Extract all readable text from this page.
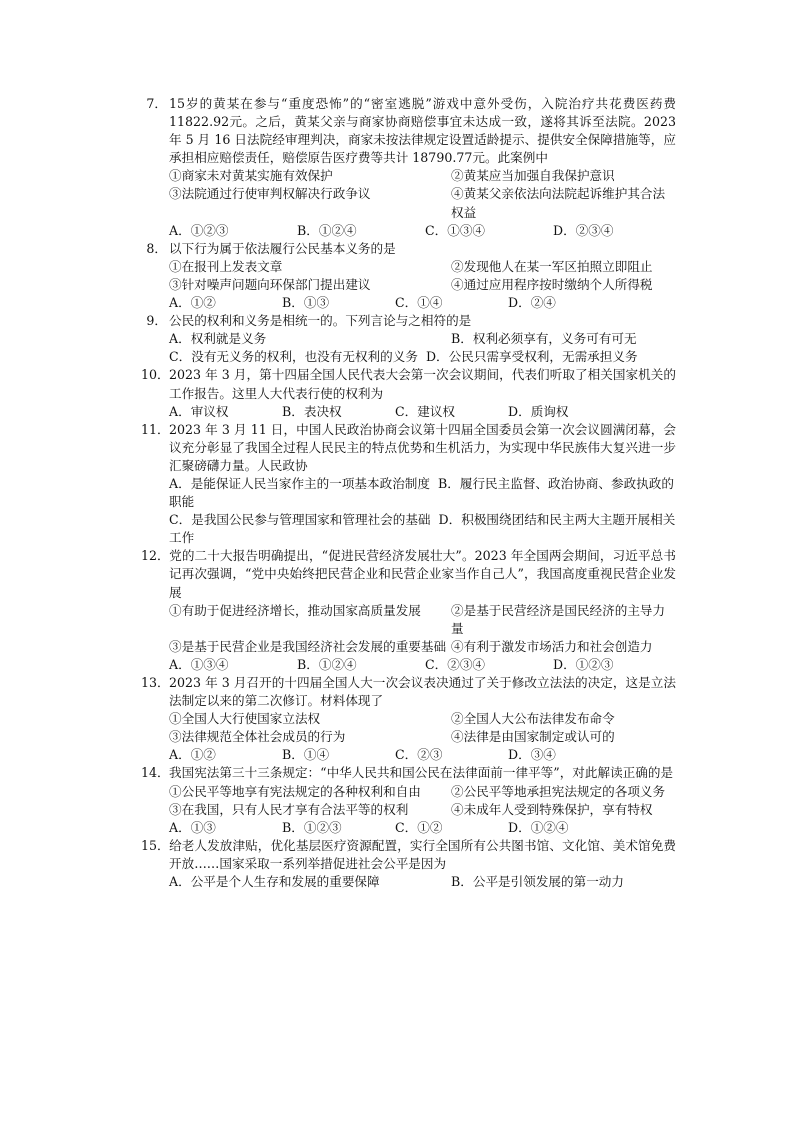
7． 15岁的黄某在参与“重度恐怖”的“密室逃脱”游戏中意外受伤，入院治疗共花费医药费 11822.92元。之后，黄某父亲与商家协商赔偿事宜未达成一致，遂将其诉至法院。2023 年 5 月 16 日法院经审理判决，商家未按法律规定设置适龄提示、提供安全保障措施等，应承担相应赔偿责任，赔偿原告医疗费等共计 18790.77元。此案例中
①商家未对黄某实施有效保护	②黄某应当加强自我保护意识
③法院通过行使审判权解决行政争议	④黄某父亲依法向法院起诉维护其合法权益
A．①②③	B．①②④	C．①③④	D．②③④
8． 以下行为属于依法履行公民基本义务的是
①在报刊上发表文章	②发现他人在某一军区拍照立即阻止
③针对噪声问题向环保部门提出建议	④通过应用程序按时缴纳个人所得税
A．①②	B．①③	C．①④	D．②④
9． 公民的权利和义务是相统一的。下列言论与之相符的是
A．权利就是义务	B．权利必须享有，义务可有可无
C．没有无义务的权利，也没有无权利的义务 D．公民只需享受权利，无需承担义务
10．2023 年 3 月，第十四届全国人民代表大会第一次会议期间，代表们听取了相关国家机关的工作报告。这里人大代表行使的权利为
A．审议权	B．表决权	C．建议权	D．质询权
11．2023 年 3 月 11 日，中国人民政治协商会议第十四届全国委员会第一次会议圆满闭幕，会议充分彰显了我国全过程人民民主的特点优势和生机活力，为实现中华民族伟大复兴进一步汇聚磅礴力量。人民政协
A．是能保证人民当家作主的一项基本政治制度 B．履行民主监督、政治协商、参政执政的职能
C．是我国公民参与管理国家和管理社会的基础 D．积极围绕团结和民主两大主题开展相关工作
12．党的二十大报告明确提出，“促进民营经济发展壮大”。2023 年全国两会期间，习近平总书记再次强调，“党中央始终把民营企业和民营企业家当作自己人”，我国高度重视民营企业发展
①有助于促进经济增长，推动国家高质量发展	②是基于民营经济是国民经济的主导力量
③是基于民营企业是我国经济社会发展的重要基础 ④有利于激发市场活力和社会创造力
A．①③④	B．①②④	C．②③④	D．①②③
13．2023 年 3 月召开的十四届全国人大一次会议表决通过了关于修改立法法的决定，这是立法法制定以来的第二次修订。材料体现了
①全国人大行使国家立法权	②全国人大公布法律发布命令
③法律规范全体社会成员的行为	④法律是由国家制定或认可的
A．①②	B．①④	C．②③	D．③④
14．我国宪法第三十三条规定：“中华人民共和国公民在法律面前一律平等”，对此解读正确的是
①公民平等地享有宪法规定的各种权利和自由	②公民平等地承担宪法规定的各项义务
③在我国，只有人民才享有合法平等的权利	④未成年人受到特殊保护，享有特权
A．①③	B．①②③	C．①②	D．①②④
15．给老人发放津贴，优化基层医疗资源配置，实行全国所有公共图书馆、文化馆、美术馆免费开放……国家采取一系列举措促进社会公平是因为
A．公平是个人生存和发展的重要保障	B．公平是引领发展的第一动力
